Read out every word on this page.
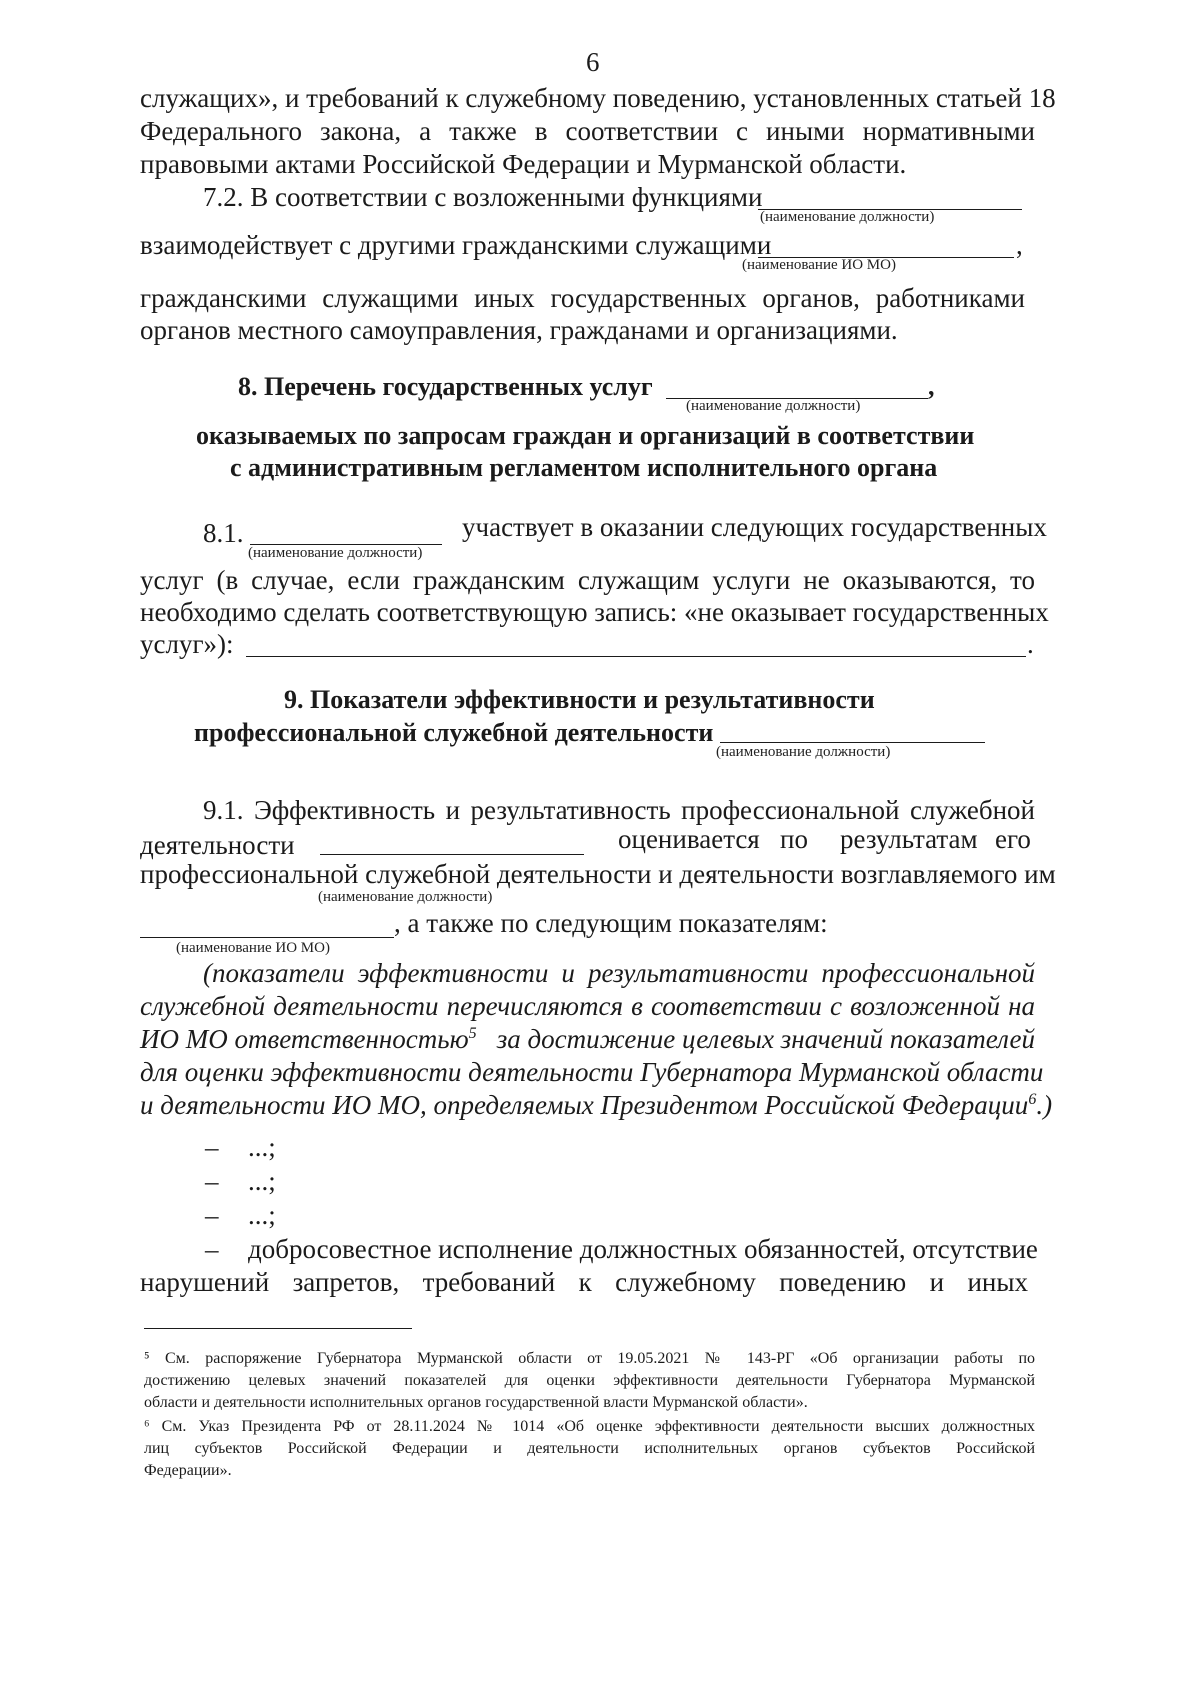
6
служащих», и требований к служебному поведению, установленных статьей 18
Федерального закона, а также в соответствии с иными нормативными
правовыми актами Российской Федерации и Мурманской области.
7.2. В соответствии с возложенными функциями
(наименование должности)
взаимодействует с другими гражданскими служащими	,
(наименование ИО МО)
гражданскими служащими иных государственных органов, работниками
органов местного самоуправления, гражданами и организациями.
8. Перечень государственных услуг	,
(наименование должности)
оказываемых по запросам граждан и организаций в соответствии
с административным регламентом исполнительного органа
8.1.	участвует в оказании следующих государственных
(наименование должности)
услуг (в случае, если гражданским служащим услуги не оказываются, то
необходимо сделать соответствующую запись: «не оказывает государственных
услуг»):	.
9. Показатели эффективности и результативности
профессиональной служебной деятельности
(наименование должности)
9.1. Эффективность и результативность профессиональной служебной
деятельности	оценивается по результатам его
профессиональной служебной деятельности и деятельности возглавляемого им
(наименование должности)
, а также по следующим показателям:
(наименование ИО МО)
(показатели эффективности и результативности профессиональной
служебной деятельности перечисляются в соответствии с возложенной на
ИО МО ответственностью$^5$ за достижение целевых значений показателей
для оценки эффективности деятельности Губернатора Мурманской области
и деятельности ИО МО, определяемых Президентом Российской Федерации$^6$.)
– ...;
– ...;
– ...;
– добросовестное исполнение должностных обязанностей, отсутствие
нарушений запретов, требований к служебному поведению и иных
⁵ См. распоряжение Губернатора Мурманской области от 19.05.2021 № 143-РГ «Об организации работы по
достижению целевых значений показателей для оценки эффективности деятельности Губернатора Мурманской
области и деятельности исполнительных органов государственной власти Мурманской области».
⁶ См. Указ Президента РФ от 28.11.2024 № 1014 «Об оценке эффективности деятельности высших должностных
лиц субъектов Российской Федерации и деятельности исполнительных органов субъектов Российской
Федерации».
